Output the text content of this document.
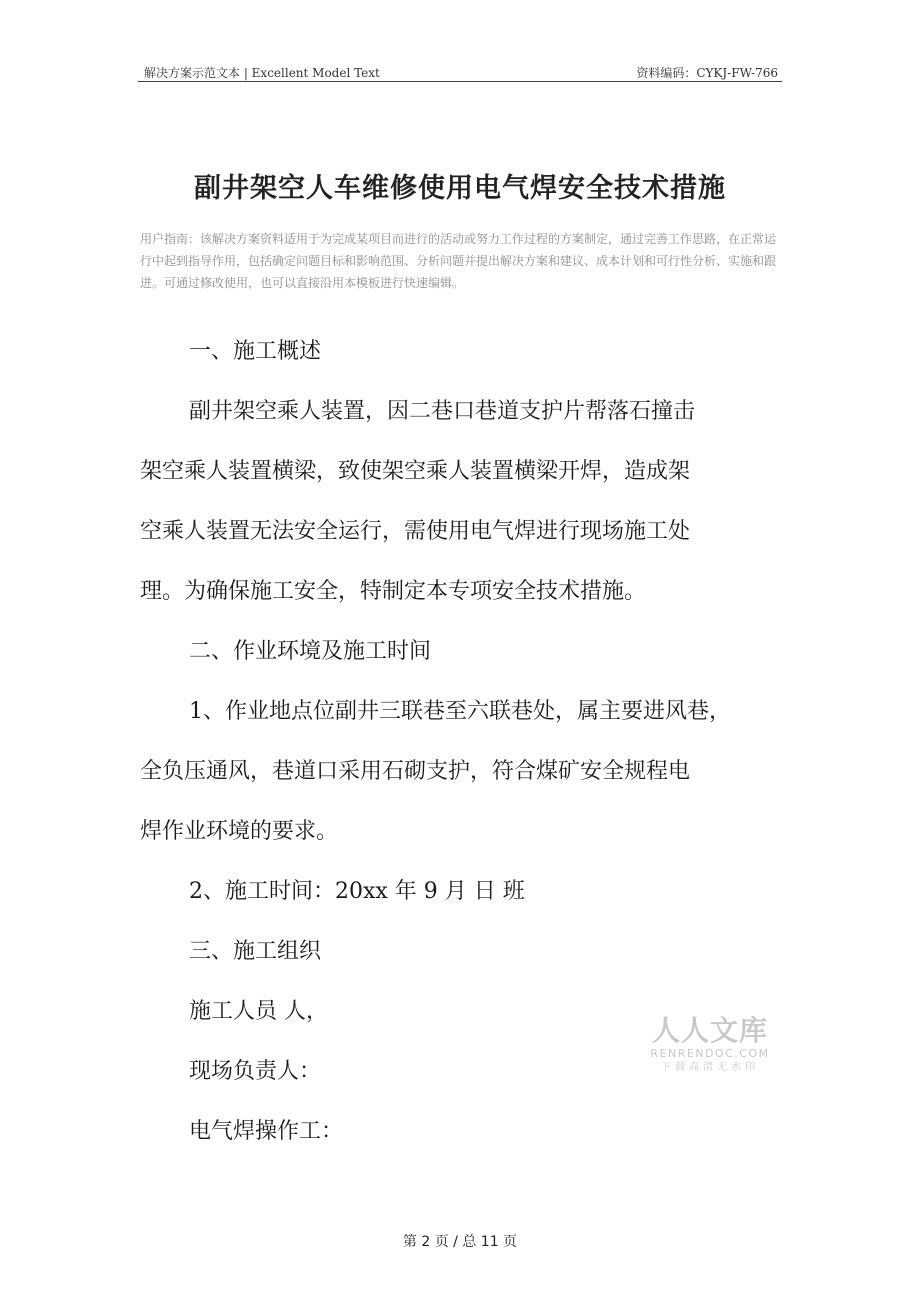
解决方案示范文本 | Excellent Model Text	资料编码：CYKJ-FW-766
副井架空人车维修使用电气焊安全技术措施
用户指南：该解决方案资料适用于为完成某项目而进行的活动或努力工作过程的方案制定，通过完善工作思路，在正常运行中起到指导作用，包括确定问题目标和影响范围、分析问题并提出解决方案和建议、成本计划和可行性分析、实施和跟进。可通过修改使用，也可以直接沿用本模板进行快速编辑。
一、施工概述
副井架空乘人装置，因二巷口巷道支护片帮落石撞击
架空乘人装置横梁，致使架空乘人装置横梁开焊，造成架
空乘人装置无法安全运行，需使用电气焊进行现场施工处
理。为确保施工安全，特制定本专项安全技术措施。
二、作业环境及施工时间
1、作业地点位副井三联巷至六联巷处，属主要进风巷，
全负压通风，巷道口采用石砌支护，符合煤矿安全规程电
焊作业环境的要求。
2、施工时间：20xx 年 9 月 日 班
三、施工组织
施工人员 人，
现场负责人：
电气焊操作工：
人人文库
RENRENDOC.COM
下载高清无水印
第 2 页 / 总 11 页
